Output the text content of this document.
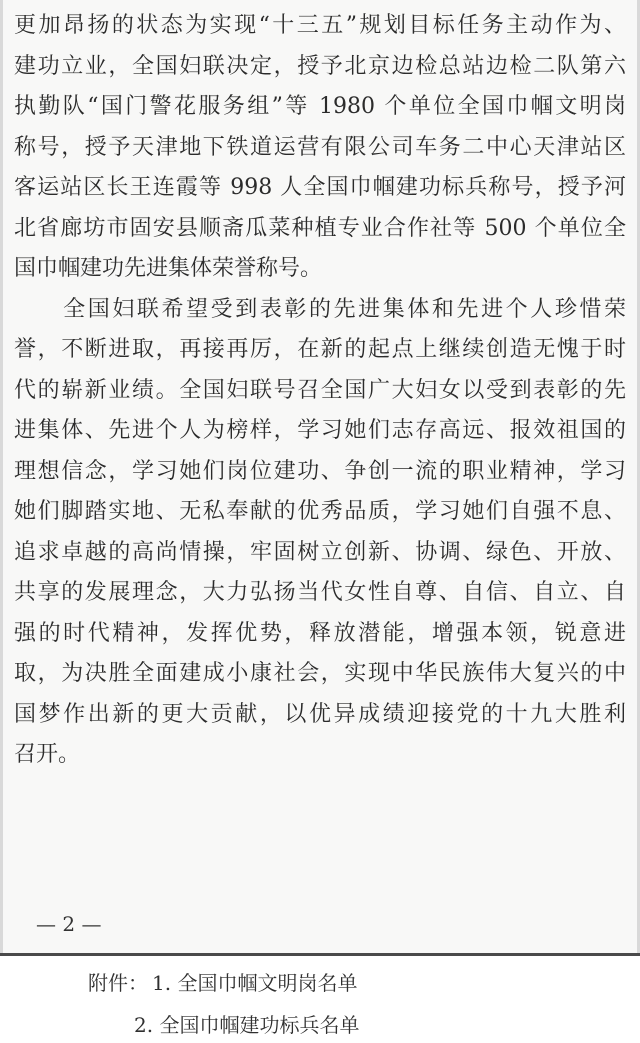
更加昂扬的状态为实现“十三五”规划目标任务主动作为、
建功立业，全国妇联决定，授予北京边检总站边检二队第六
执勤队“国门警花服务组”等 1980 个单位全国巾帼文明岗
称号，授予天津地下铁道运营有限公司车务二中心天津站区
客运站区长王连霞等 998 人全国巾帼建功标兵称号，授予河
北省廊坊市固安县顺斋瓜菜种植专业合作社等 500 个单位全
国巾帼建功先进集体荣誉称号。
　　全国妇联希望受到表彰的先进集体和先进个人珍惜荣
誉，不断进取，再接再厉，在新的起点上继续创造无愧于时
代的崭新业绩。全国妇联号召全国广大妇女以受到表彰的先
进集体、先进个人为榜样，学习她们志存高远、报效祖国的
理想信念，学习她们岗位建功、争创一流的职业精神，学习
她们脚踏实地、无私奉献的优秀品质，学习她们自强不息、
追求卓越的高尚情操，牢固树立创新、协调、绿色、开放、
共享的发展理念，大力弘扬当代女性自尊、自信、自立、自
强的时代精神，发挥优势，释放潜能，增强本领，锐意进
取，为决胜全面建成小康社会，实现中华民族伟大复兴的中
国梦作出新的更大贡献，以优异成绩迎接党的十九大胜利
召开。
— 2 —
附件： 1. 全国巾帼文明岗名单
2. 全国巾帼建功标兵名单
